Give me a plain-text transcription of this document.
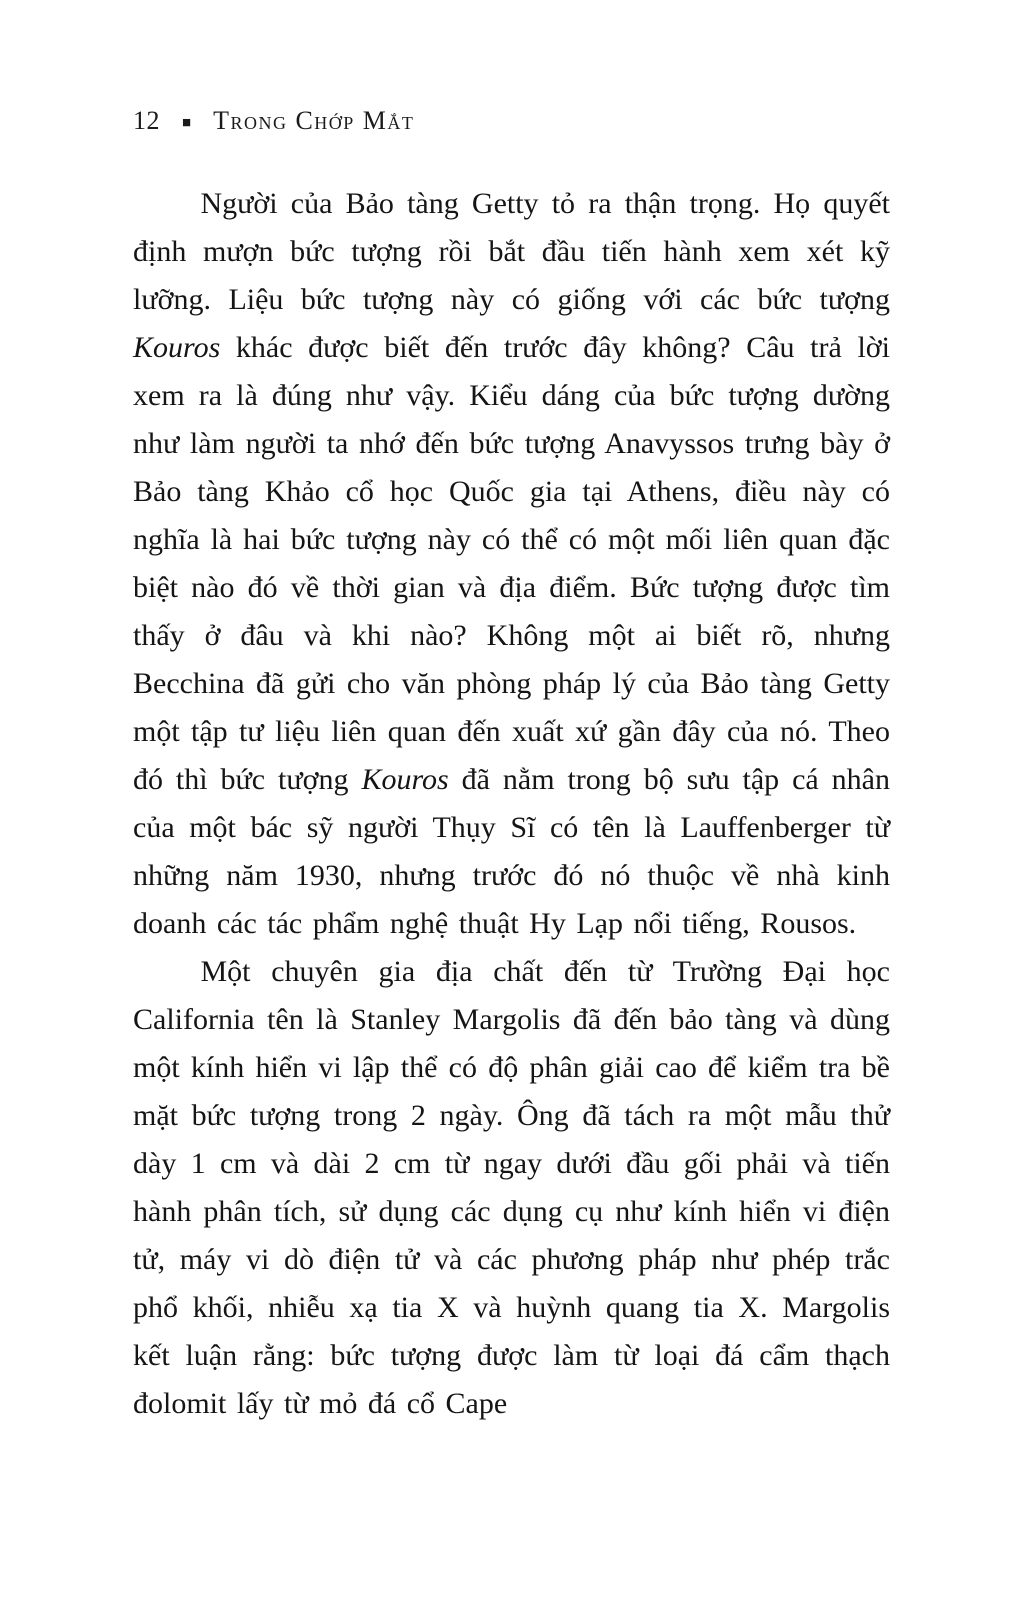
12 ■ Trong Chớp Mắt

Người của Bảo tàng Getty tỏ ra thận trọng. Họ quyết định mượn bức tượng rồi bắt đầu tiến hành xem xét kỹ lưỡng. Liệu bức tượng này có giống với các bức tượng Kouros khác được biết đến trước đây không? Câu trả lời xem ra là đúng như vậy. Kiểu dáng của bức tượng dường như làm người ta nhớ đến bức tượng Anavyssos trưng bày ở Bảo tàng Khảo cổ học Quốc gia tại Athens, điều này có nghĩa là hai bức tượng này có thể có một mối liên quan đặc biệt nào đó về thời gian và địa điểm. Bức tượng được tìm thấy ở đâu và khi nào? Không một ai biết rõ, nhưng Becchina đã gửi cho văn phòng pháp lý của Bảo tàng Getty một tập tư liệu liên quan đến xuất xứ gần đây của nó. Theo đó thì bức tượng Kouros đã nằm trong bộ sưu tập cá nhân của một bác sỹ người Thụy Sĩ có tên là Lauffenberger từ những năm 1930, nhưng trước đó nó thuộc về nhà kinh doanh các tác phẩm nghệ thuật Hy Lạp nổi tiếng, Rousos.

Một chuyên gia địa chất đến từ Trường Đại học California tên là Stanley Margolis đã đến bảo tàng và dùng một kính hiển vi lập thể có độ phân giải cao để kiểm tra bề mặt bức tượng trong 2 ngày. Ông đã tách ra một mẫu thử dày 1 cm và dài 2 cm từ ngay dưới đầu gối phải và tiến hành phân tích, sử dụng các dụng cụ như kính hiển vi điện tử, máy vi dò điện tử và các phương pháp như phép trắc phổ khối, nhiễu xạ tia X và huỳnh quang tia X. Margolis kết luận rằng: bức tượng được làm từ loại đá cẩm thạch đolomit lấy từ mỏ đá cổ Cape
